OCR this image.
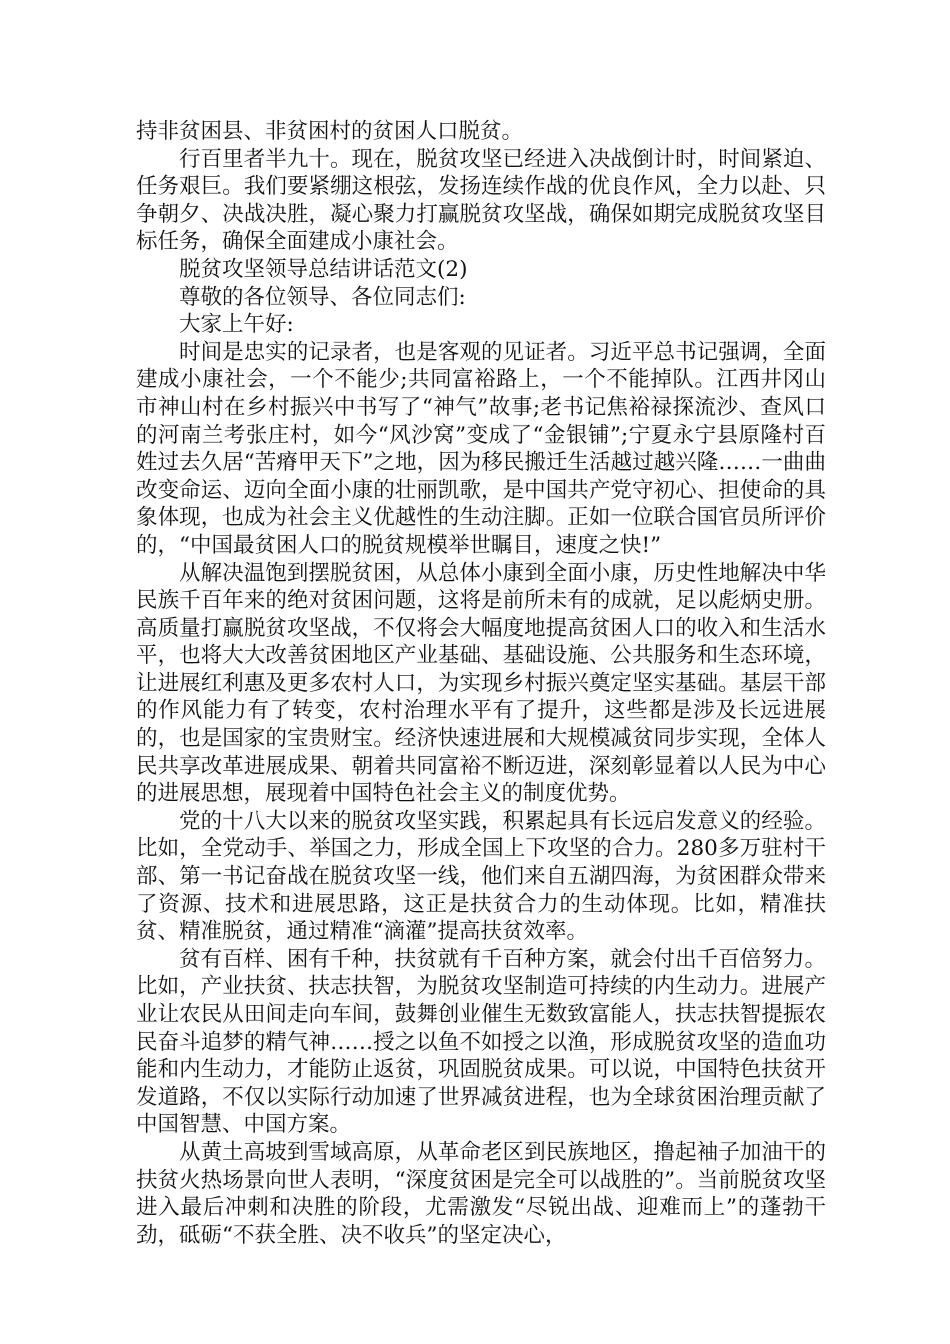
持非贫困县、非贫困村的贫困人口脱贫。

行百里者半九十。现在，脱贫攻坚已经进入决战倒计时，时间紧迫、任务艰巨。我们要紧绷这根弦，发扬连续作战的优良作风，全力以赴、只争朝夕、决战决胜，凝心聚力打赢脱贫攻坚战，确保如期完成脱贫攻坚目标任务，确保全面建成小康社会。

脱贫攻坚领导总结讲话范文(2)

尊敬的各位领导、各位同志们:

大家上午好:

时间是忠实的记录者，也是客观的见证者。习近平总书记强调，全面建成小康社会，一个不能少;共同富裕路上，一个不能掉队。江西井冈山市神山村在乡村振兴中书写了“神气”故事;老书记焦裕禄探流沙、查风口的河南兰考张庄村，如今“风沙窝”变成了“金银铺”;宁夏永宁县原隆村百姓过去久居“苦瘠甲天下”之地，因为移民搬迁生活越过越兴隆……一曲曲改变命运、迈向全面小康的壮丽凯歌，是中国共产党守初心、担使命的具象体现，也成为社会主义优越性的生动注脚。正如一位联合国官员所评价的，“中国最贫困人口的脱贫规模举世瞩目，速度之快!”

从解决温饱到摆脱贫困，从总体小康到全面小康，历史性地解决中华民族千百年来的绝对贫困问题，这将是前所未有的成就，足以彪炳史册。高质量打赢脱贫攻坚战，不仅将会大幅度地提高贫困人口的收入和生活水平，也将大大改善贫困地区产业基础、基础设施、公共服务和生态环境，让进展红利惠及更多农村人口，为实现乡村振兴奠定坚实基础。基层干部的作风能力有了转变，农村治理水平有了提升，这些都是涉及长远进展的，也是国家的宝贵财宝。经济快速进展和大规模减贫同步实现，全体人民共享改革进展成果、朝着共同富裕不断迈进，深刻彰显着以人民为中心的进展思想，展现着中国特色社会主义的制度优势。

党的十八大以来的脱贫攻坚实践，积累起具有长远启发意义的经验。比如，全党动手、举国之力，形成全国上下攻坚的合力。280多万驻村干部、第一书记奋战在脱贫攻坚一线，他们来自五湖四海，为贫困群众带来了资源、技术和进展思路，这正是扶贫合力的生动体现。比如，精准扶贫、精准脱贫，通过精准“滴灌”提高扶贫效率。

贫有百样、困有千种，扶贫就有千百种方案，就会付出千百倍努力。比如，产业扶贫、扶志扶智，为脱贫攻坚制造可持续的内生动力。进展产业让农民从田间走向车间，鼓舞创业催生无数致富能人，扶志扶智提振农民奋斗追梦的精气神……授之以鱼不如授之以渔，形成脱贫攻坚的造血功能和内生动力，才能防止返贫，巩固脱贫成果。可以说，中国特色扶贫开发道路，不仅以实际行动加速了世界减贫进程，也为全球贫困治理贡献了中国智慧、中国方案。

从黄土高坡到雪域高原，从革命老区到民族地区，撸起袖子加油干的扶贫火热场景向世人表明，“深度贫困是完全可以战胜的”。当前脱贫攻坚进入最后冲刺和决胜的阶段，尤需激发“尽锐出战、迎难而上”的蓬勃干劲，砥砺“不获全胜、决不收兵”的坚定决心，
